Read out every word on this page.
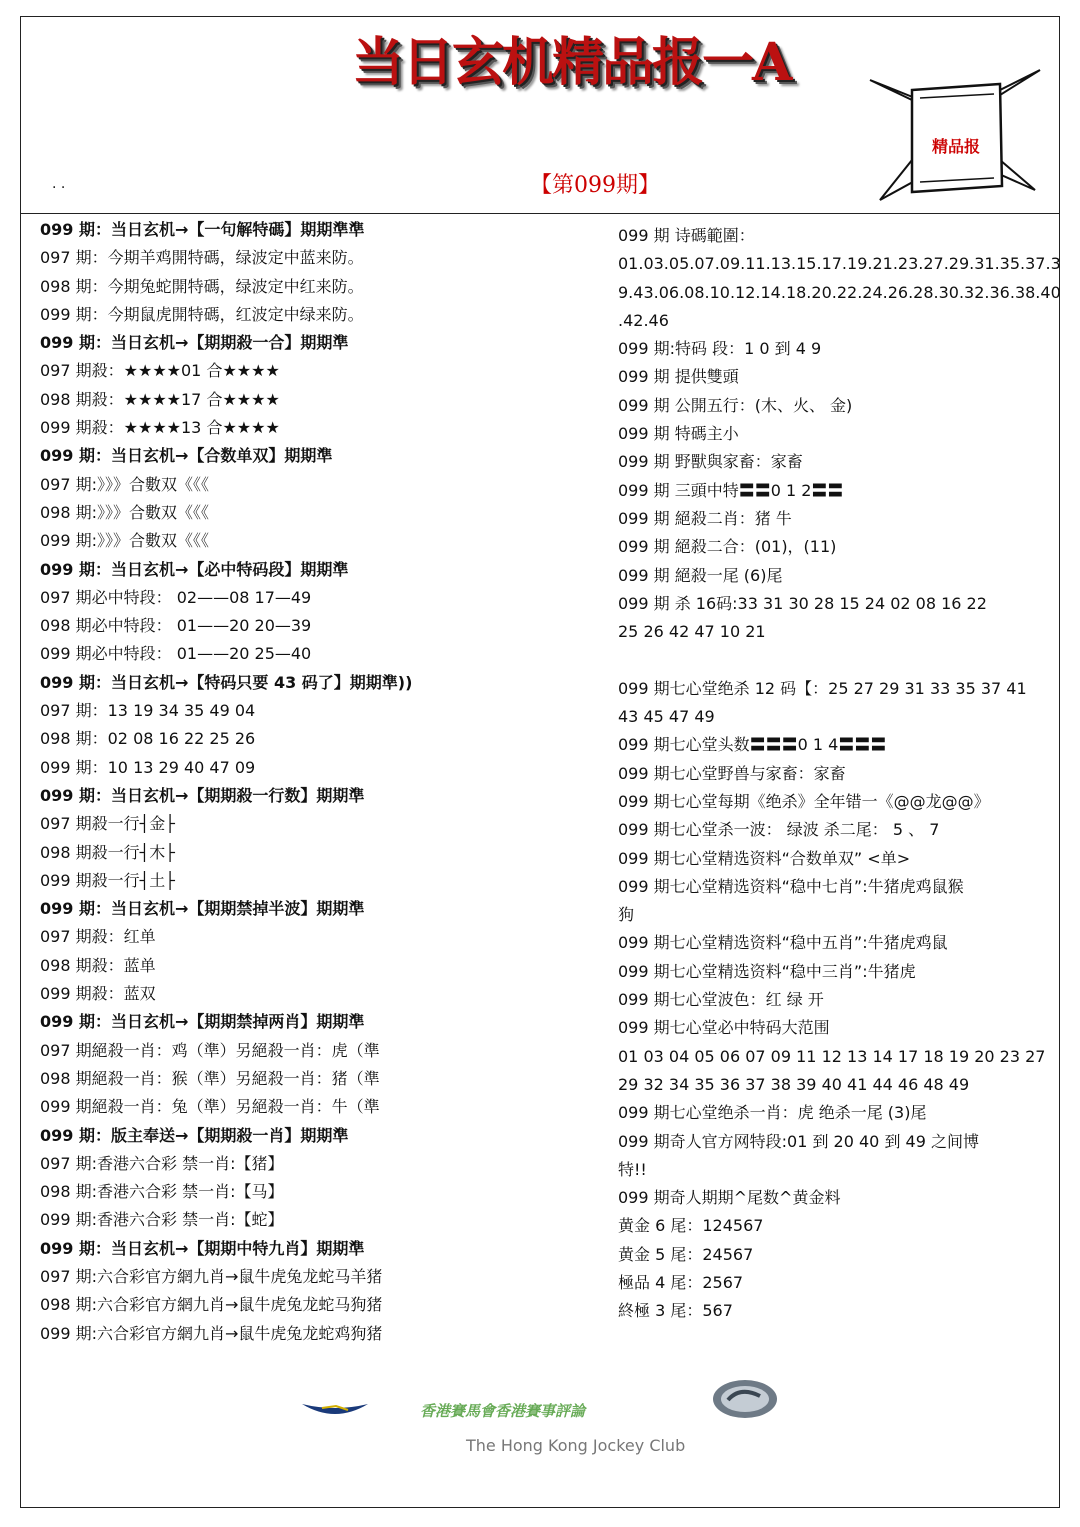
. .
当日玄机精品报一A
【第099期】
精品报
099 期：当日玄机→【一句解特碼】期期準準
097 期：今期羊鸡開特碼，绿波定中蓝来防。
098 期：今期兔蛇開特碼，绿波定中红来防。
099 期：今期鼠虎開特碼，红波定中绿来防。
099 期：当日玄机→【期期殺一合】期期準
097 期殺：★★★★01 合★★★★
098 期殺：★★★★17 合★★★★
099 期殺：★★★★13 合★★★★
099 期：当日玄机→【合数单双】期期準
097 期:》》》合數双《《《
098 期:》》》合數双《《《
099 期:》》》合數双《《《
099 期：当日玄机→【必中特码段】期期準
097 期必中特段： 02——08 17—49
098 期必中特段： 01——20 20—39
099 期必中特段： 01——20 25—40
099 期：当日玄机→【特码只要 43 码了】期期準))
097 期：13 19 34 35 49 04
098 期：02 08 16 22 25 26
099 期：10 13 29 40 47 09
099 期：当日玄机→【期期殺一行数】期期準
097 期殺一行┤金├
098 期殺一行┤木├
099 期殺一行┤土├
099 期：当日玄机→【期期禁掉半波】期期準
097 期殺：红单
098 期殺：蓝单
099 期殺：蓝双
099 期：当日玄机→【期期禁掉两肖】期期準
097 期絕殺一肖：鸡（準）另絕殺一肖：虎（準
098 期絕殺一肖：猴（準）另絕殺一肖：猪（準
099 期絕殺一肖：兔（準）另絕殺一肖：牛（準
099 期：版主奉送→【期期殺一肖】期期準
097 期:香港六合彩 禁一肖:【猪】
098 期:香港六合彩 禁一肖:【马】
099 期:香港六合彩 禁一肖:【蛇】
099 期：当日玄机→【期期中特九肖】期期準
097 期:六合彩官方網九肖→鼠牛虎兔龙蛇马羊猪
098 期:六合彩官方網九肖→鼠牛虎兔龙蛇马狗猪
099 期:六合彩官方網九肖→鼠牛虎兔龙蛇鸡狗猪
099 期 诗碼範圍：
01.03.05.07.09.11.13.15.17.19.21.23.27.29.31.35.37.3
9.43.06.08.10.12.14.18.20.22.24.26.28.30.32.36.38.40
.42.46
099 期:特码 段：1 0 到 4 9
099 期 提供雙頭
099 期 公開五行：(木、火、 金)
099 期 特碼主小
099 期 野獸與家畜：家畜
099 期 三頭中特〓〓0 1 2〓〓
099 期 絕殺二肖：猪 牛
099 期 絕殺二合：(01)，(11)
099 期 絕殺一尾 (6)尾
099 期 杀 16码:33 31 30 28 15 24 02 08 16 22
25 26 42 47 10 21
099 期七心堂绝杀 12 码【：25 27 29 31 33 35 37 41
43 45 47 49
099 期七心堂头数〓〓〓0 1 4〓〓〓
099 期七心堂野兽与家畜：家畜
099 期七心堂每期《绝杀》全年错一《@@龙@@》
099 期七心堂杀一波： 绿波 杀二尾： 5 、 7
099 期七心堂精选资料“合数单双” <单>
099 期七心堂精选资料“稳中七肖”:牛猪虎鸡鼠猴
狗
099 期七心堂精选资料“稳中五肖”:牛猪虎鸡鼠
099 期七心堂精选资料“稳中三肖”:牛猪虎
099 期七心堂波色：红 绿 开
099 期七心堂必中特码大范围
01 03 04 05 06 07 09 11 12 13 14 17 18 19 20 23 27
29 32 34 35 36 37 38 39 40 41 44 46 48 49
099 期七心堂绝杀一肖：虎 绝杀一尾 (3)尾
099 期奇人官方网特段:01 到 20 40 到 49 之间博
特!!
099 期奇人期期^尾数^黄金料
黄金 6 尾：124567
黄金 5 尾：24567
極品 4 尾：2567
終極 3 尾：567
香港賽馬會香港賽事評論
The Hong Kong Jockey Club
